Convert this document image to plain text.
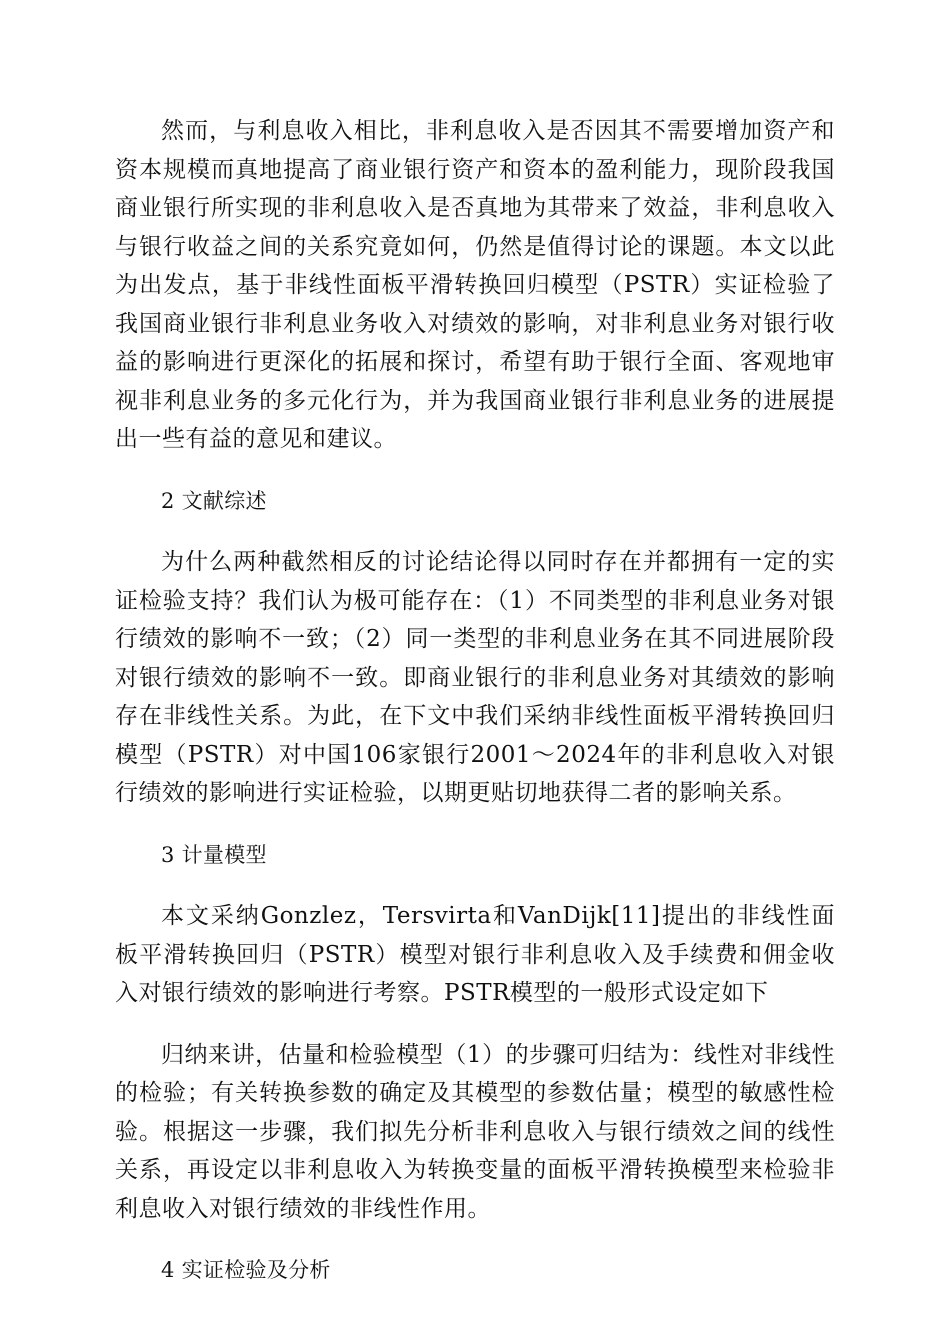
然而，与利息收入相比，非利息收入是否因其不需要增加资产和资本规模而真地提高了商业银行资产和资本的盈利能力，现阶段我国商业银行所实现的非利息收入是否真地为其带来了效益，非利息收入与银行收益之间的关系究竟如何，仍然是值得讨论的课题。本文以此为出发点，基于非线性面板平滑转换回归模型（PSTR）实证检验了我国商业银行非利息业务收入对绩效的影响，对非利息业务对银行收益的影响进行更深化的拓展和探讨，希望有助于银行全面、客观地审视非利息业务的多元化行为，并为我国商业银行非利息业务的进展提出一些有益的意见和建议。

2 文献综述

为什么两种截然相反的讨论结论得以同时存在并都拥有一定的实证检验支持？我们认为极可能存在：（1）不同类型的非利息业务对银行绩效的影响不一致；（2）同一类型的非利息业务在其不同进展阶段对银行绩效的影响不一致。即商业银行的非利息业务对其绩效的影响存在非线性关系。为此，在下文中我们采纳非线性面板平滑转换回归模型（PSTR）对中国106家银行2001～2024年的非利息收入对银行绩效的影响进行实证检验，以期更贴切地获得二者的影响关系。

3 计量模型

本文采纳Gonzlez，Tersvirta和VanDijk[11]提出的非线性面板平滑转换回归（PSTR）模型对银行非利息收入及手续费和佣金收入对银行绩效的影响进行考察。PSTR模型的一般形式设定如下

归纳来讲，估量和检验模型（1）的步骤可归结为：线性对非线性的检验；有关转换参数的确定及其模型的参数估量；模型的敏感性检验。根据这一步骤，我们拟先分析非利息收入与银行绩效之间的线性关系，再设定以非利息收入为转换变量的面板平滑转换模型来检验非利息收入对银行绩效的非线性作用。

4 实证检验及分析
